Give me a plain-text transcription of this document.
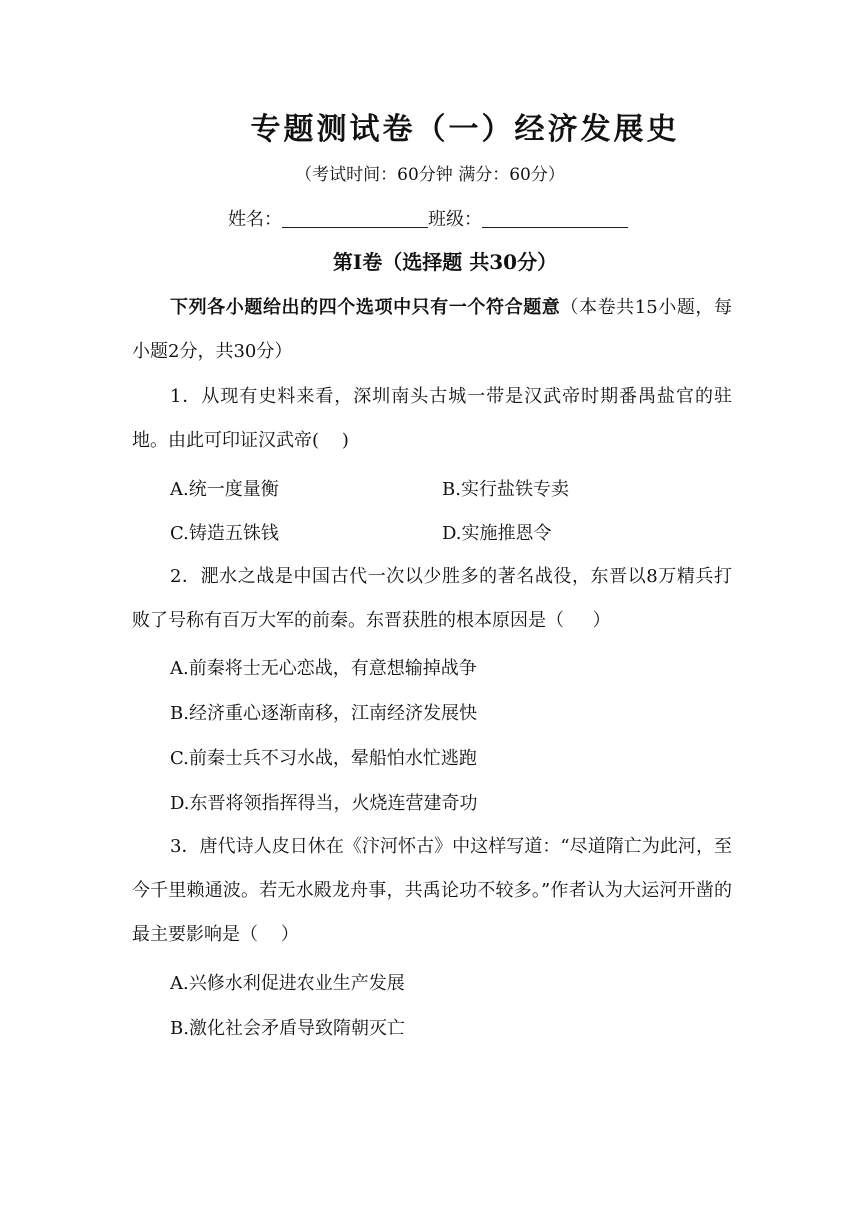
专题测试卷（一）经济发展史
（考试时间：60分钟 满分：60分）
姓名：	班级：
第Ⅰ卷（选择题 共30分）
下列各小题给出的四个选项中只有一个符合题意（本卷共15小题，每小题2分，共30分）
1．从现有史料来看，深圳南头古城一带是汉武帝时期番禺盐官的驻地。由此可印证汉武帝(    )
A.统一度量衡	B.实行盐铁专卖
C.铸造五铢钱	D.实施推恩令
2．淝水之战是中国古代一次以少胜多的著名战役，东晋以8万精兵打败了号称有百万大军的前秦。东晋获胜的根本原因是（     ）
A.前秦将士无心恋战，有意想输掉战争
B.经济重心逐渐南移，江南经济发展快
C.前秦士兵不习水战，晕船怕水忙逃跑
D.东晋将领指挥得当，火烧连营建奇功
3．唐代诗人皮日休在《汴河怀古》中这样写道：“尽道隋亡为此河，至今千里赖通波。若无水殿龙舟事，共禹论功不较多。”作者认为大运河开凿的最主要影响是（    ）
A.兴修水利促进农业生产发展
B.激化社会矛盾导致隋朝灭亡
